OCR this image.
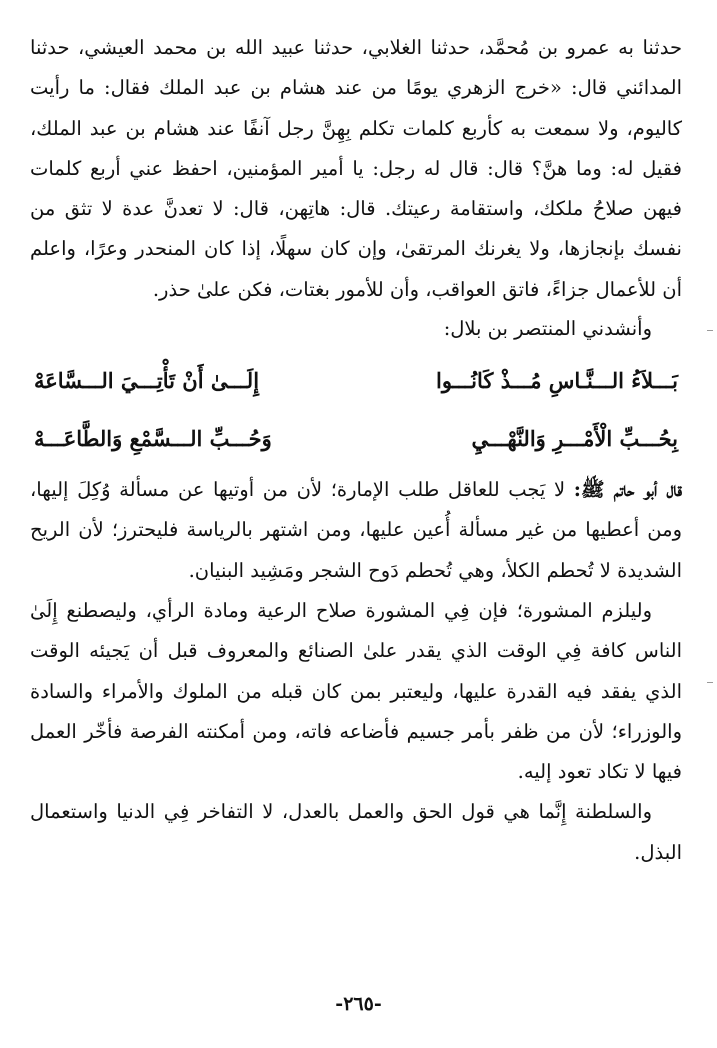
حدثنا به عمرو بن مُحمَّد، حدثنا الغلابي، حدثنا عبيد الله بن محمد العيشي، حدثنا المدائني قال: «خرج الزهري يومًا من عند هشام بن عبد الملك فقال: ما رأيت كاليوم، ولا سمعت به كأربع كلمات تكلم بِهِنَّ رجل آنفًا عند هشام بن عبد الملك، فقيل له: وما هنَّ؟ قال: قال له رجل: يا أمير المؤمنين، احفظ عني أربع كلمات فيهن صلاحُ ملكك، واستقامة رعيتك. قال: هاتِهن، قال: لا تعدنَّ عدة لا تثق من نفسك بإنجازها، ولا يغرنك المرتقىٰ، وإن كان سهلًا، إذا كان المنحدر وعرًا، واعلم أن للأعمال جزاءً، فاتق العواقب، وأن للأمور بغتات، فكن علىٰ حذر.

وأنشدني المنتصر بن بلال:

بَـــلاَءُ الـــنَّـاسِ مُـــذْ كَانُـــوا
إِلَـــىٰ أَنْ تَأْتِـــيَ الـــسَّاعَهْ
بِحُـــبِّ الْأَمْـــرِ وَالنَّهْـــيِ
وَحُـــبِّ الـــسَّمْعِ وَالطَّاعَـــهْ

قال أبو حاتم ﷺ: لا يَجب للعاقل طلب الإمارة؛ لأن من أوتيها عن مسألة وُكِلَ إليها، ومن أعطيها من غير مسألة أُعين عليها، ومن اشتهر بالرياسة فليحترز؛ لأن الريح الشديدة لا تُحطم الكلأ، وهي تُحطم دَوح الشجر ومَشِيد البنيان.

وليلزم المشورة؛ فإن فِي المشورة صلاح الرعية ومادة الرأي، وليصطنع إِلَىٰ الناس كافة فِي الوقت الذي يقدر علىٰ الصنائع والمعروف قبل أن يَجيئه الوقت الذي يفقد فيه القدرة عليها، وليعتبر بمن كان قبله من الملوك والأمراء والسادة والوزراء؛ لأن من ظفر بأمر جسيم فأضاعه فاته، ومن أمكنته الفرصة فأخّر العمل فيها لا تكاد تعود إليه.

والسلطنة إِنَّما هي قول الحق والعمل بالعدل، لا التفاخر فِي الدنيا واستعمال البذل.

-٢٦٥-
